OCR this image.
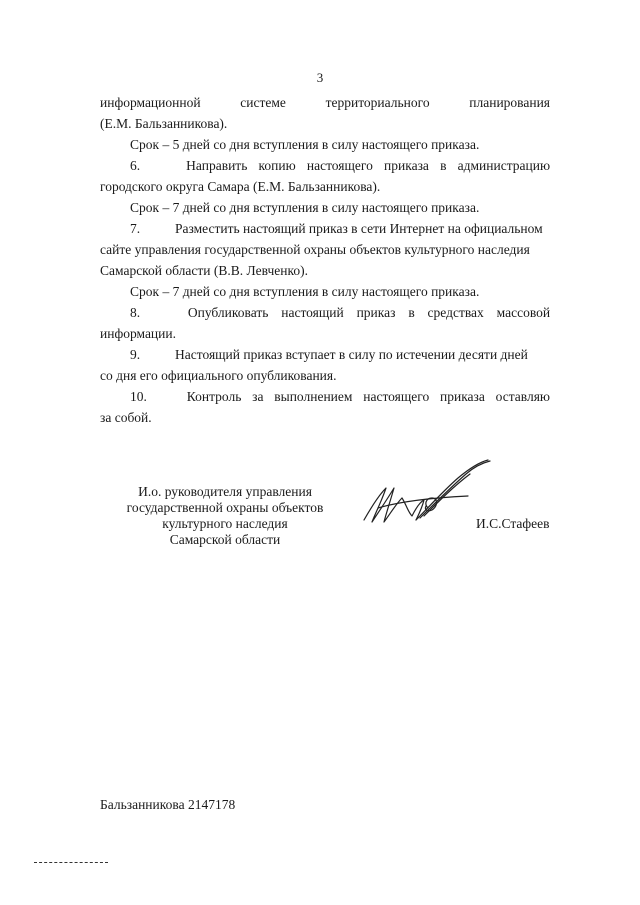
3
информационной	системе	территориального	планирования
(Е.М. Бальзанникова).
Срок – 5 дней со дня вступления в силу настоящего приказа.
6.	Направить копию настоящего приказа в администрацию
городского округа Самара (Е.М. Бальзанникова).
Срок – 7 дней со дня вступления в силу настоящего приказа.
7.	Разместить настоящий приказ в сети Интернет на официальном
сайте управления государственной охраны объектов культурного наследия
Самарской области (В.В. Левченко).
Срок – 7 дней со дня вступления в силу настоящего приказа.
8.	Опубликовать настоящий приказ в средствах массовой
информации.
9.	Настоящий приказ вступает в силу по истечении десяти дней
со дня его официального опубликования.
10.	Контроль за выполнением настоящего приказа оставляю
за собой.
И.о. руководителя управления
государственной охраны объектов
культурного наследия
Самарской области
И.С.Стафеев
Бальзанникова 2147178
